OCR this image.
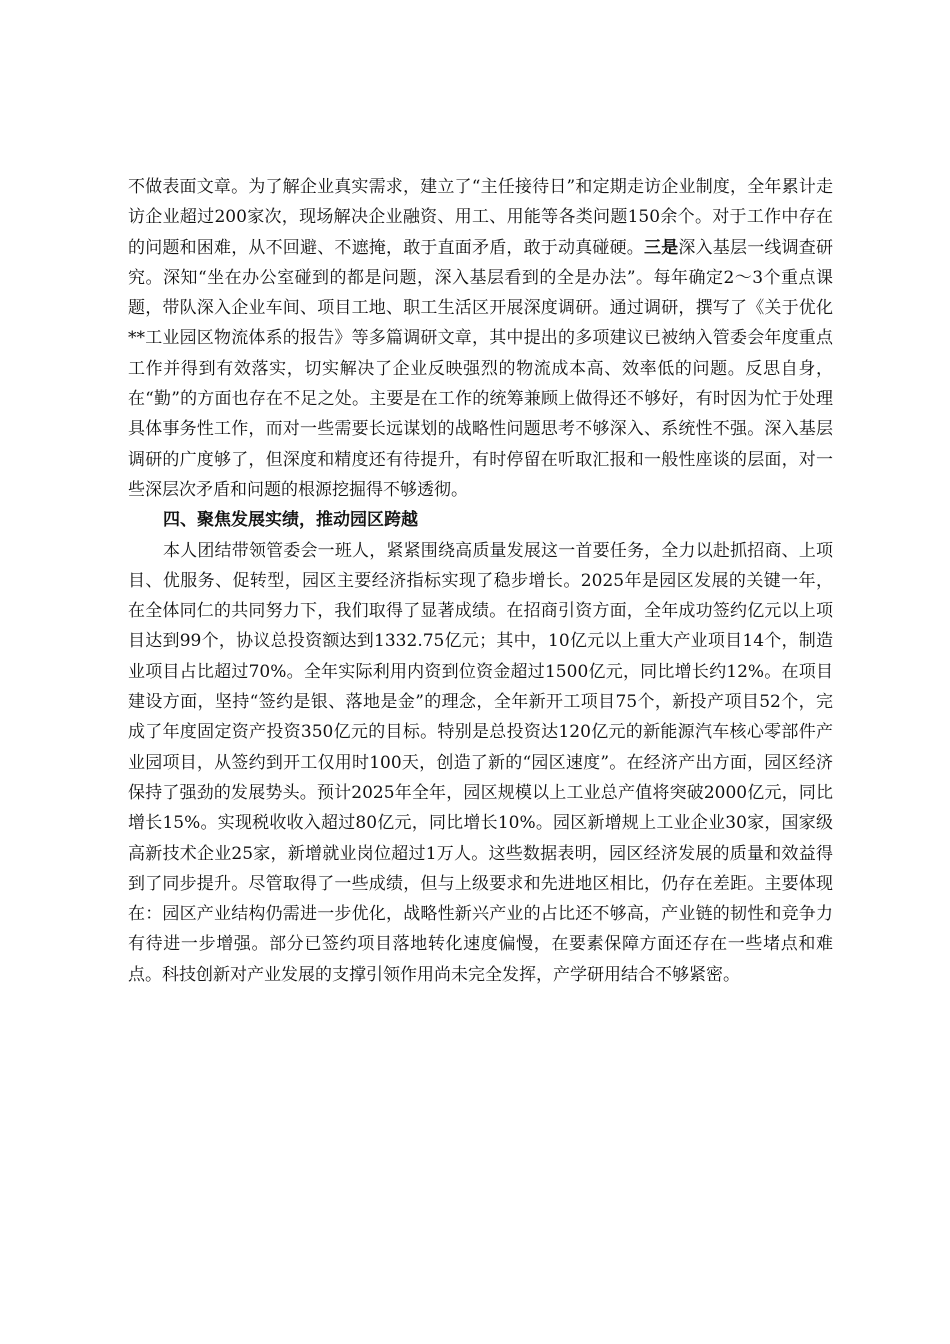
不做表面文章。为了解企业真实需求，建立了“主任接待日”和定期走访企业制度，全年累计走访企业超过200家次，现场解决企业融资、用工、用能等各类问题150余个。对于工作中存在的问题和困难，从不回避、不遮掩，敢于直面矛盾，敢于动真碰硬。三是深入基层一线调查研究。深知“坐在办公室碰到的都是问题，深入基层看到的全是办法”。每年确定2～3个重点课题，带队深入企业车间、项目工地、职工生活区开展深度调研。通过调研，撰写了《关于优化**工业园区物流体系的报告》等多篇调研文章，其中提出的多项建议已被纳入管委会年度重点工作并得到有效落实，切实解决了企业反映强烈的物流成本高、效率低的问题。反思自身，在“勤”的方面也存在不足之处。主要是在工作的统筹兼顾上做得还不够好，有时因为忙于处理具体事务性工作，而对一些需要长远谋划的战略性问题思考不够深入、系统性不强。深入基层调研的广度够了，但深度和精度还有待提升，有时停留在听取汇报和一般性座谈的层面，对一些深层次矛盾和问题的根源挖掘得不够透彻。

四、聚焦发展实绩，推动园区跨越

本人团结带领管委会一班人，紧紧围绕高质量发展这一首要任务，全力以赴抓招商、上项目、优服务、促转型，园区主要经济指标实现了稳步增长。2025年是园区发展的关键一年，在全体同仁的共同努力下，我们取得了显著成绩。在招商引资方面，全年成功签约亿元以上项目达到99个，协议总投资额达到1332.75亿元；其中，10亿元以上重大产业项目14个，制造业项目占比超过70%。全年实际利用内资到位资金超过1500亿元，同比增长约12%。在项目建设方面，坚持“签约是银、落地是金”的理念，全年新开工项目75个，新投产项目52个，完成了年度固定资产投资350亿元的目标。特别是总投资达120亿元的新能源汽车核心零部件产业园项目，从签约到开工仅用时100天，创造了新的“园区速度”。在经济产出方面，园区经济保持了强劲的发展势头。预计2025年全年，园区规模以上工业总产值将突破2000亿元，同比增长15%。实现税收收入超过80亿元，同比增长10%。园区新增规上工业企业30家，国家级高新技术企业25家，新增就业岗位超过1万人。这些数据表明，园区经济发展的质量和效益得到了同步提升。尽管取得了一些成绩，但与上级要求和先进地区相比，仍存在差距。主要体现在：园区产业结构仍需进一步优化，战略性新兴产业的占比还不够高，产业链的韧性和竞争力有待进一步增强。部分已签约项目落地转化速度偏慢，在要素保障方面还存在一些堵点和难点。科技创新对产业发展的支撑引领作用尚未完全发挥，产学研用结合不够紧密。
